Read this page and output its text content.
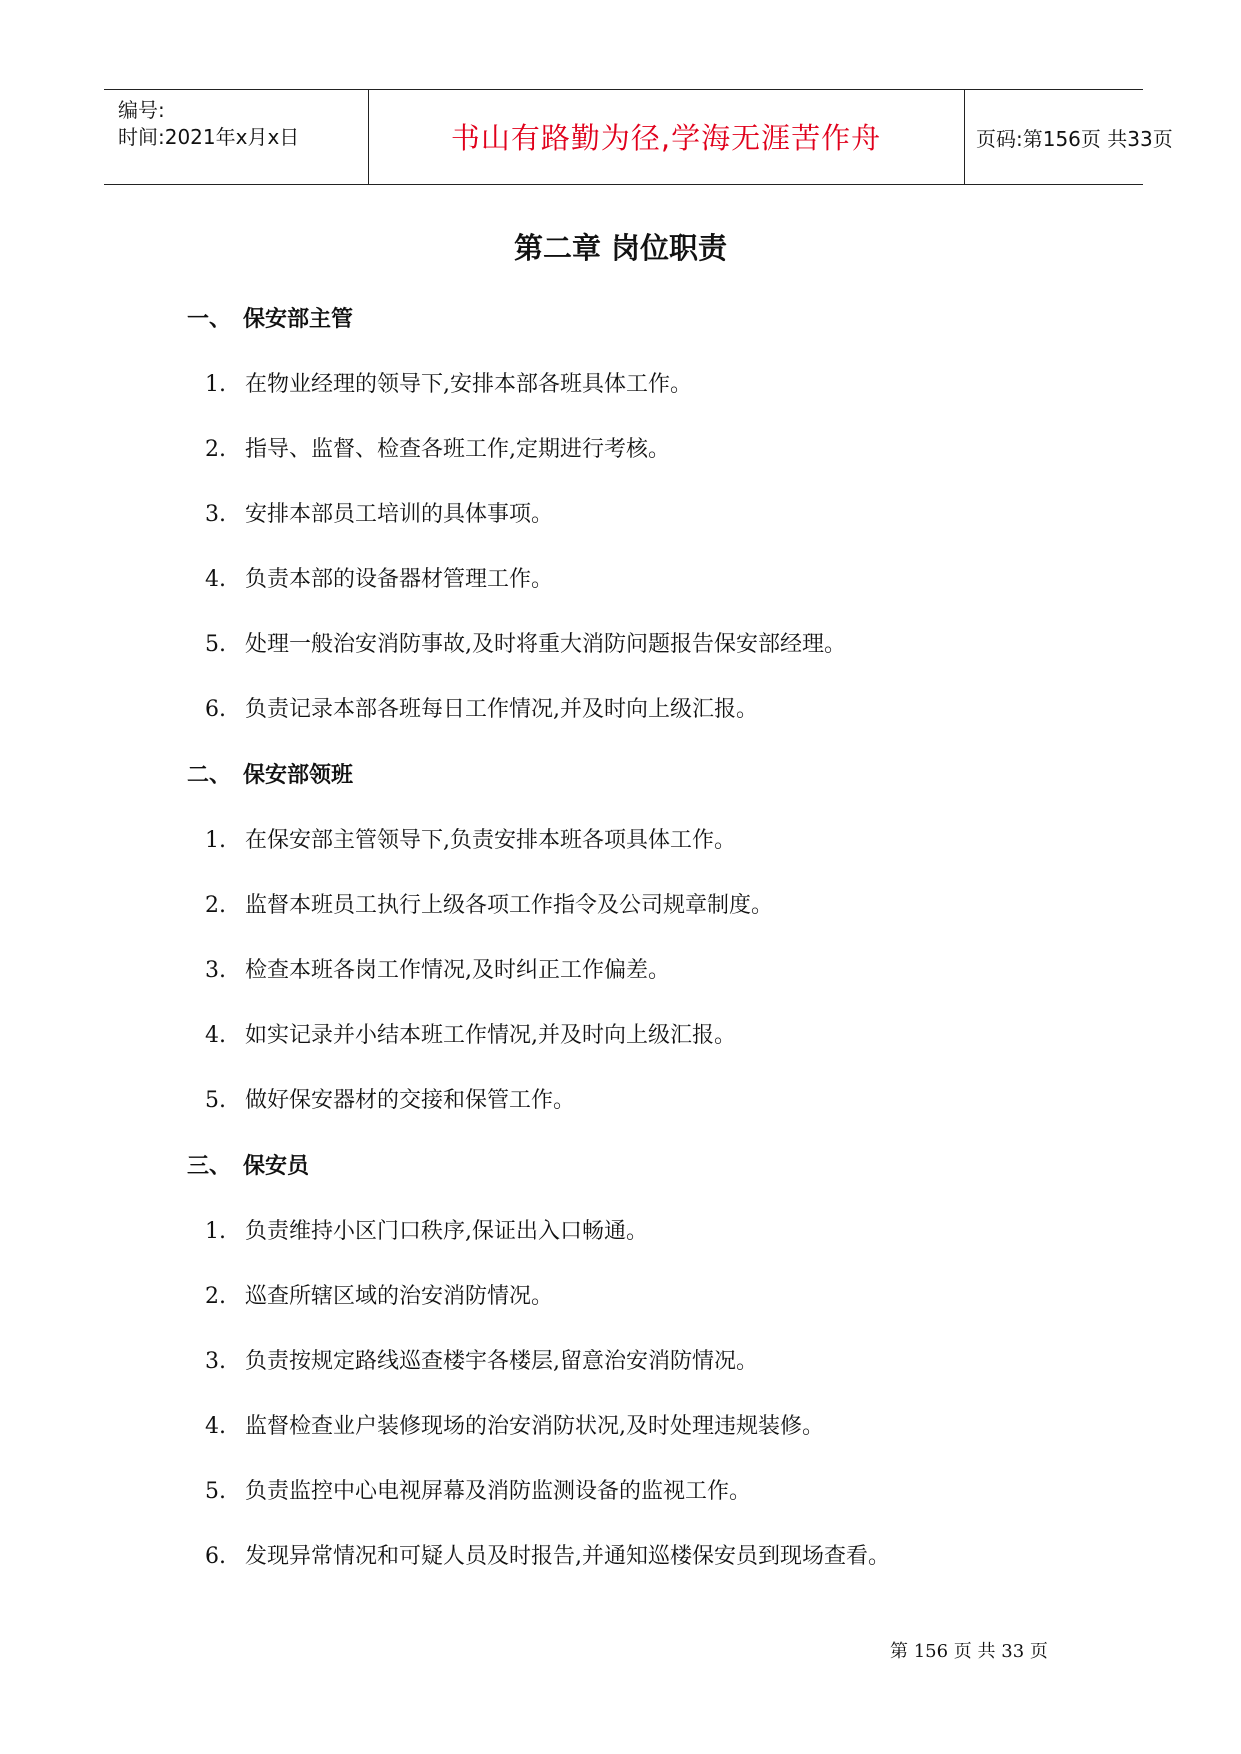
编号:
时间:2021年x月x日	书山有路勤为径,学海无涯苦作舟	页码:第156页 共33页
第二章 岗位职责
一、 保安部主管
1. 在物业经理的领导下,安排本部各班具体工作。
2. 指导、监督、检查各班工作,定期进行考核。
3. 安排本部员工培训的具体事项。
4. 负责本部的设备器材管理工作。
5. 处理一般治安消防事故,及时将重大消防问题报告保安部经理。
6. 负责记录本部各班每日工作情况,并及时向上级汇报。
二、 保安部领班
1. 在保安部主管领导下,负责安排本班各项具体工作。
2. 监督本班员工执行上级各项工作指令及公司规章制度。
3. 检查本班各岗工作情况,及时纠正工作偏差。
4. 如实记录并小结本班工作情况,并及时向上级汇报。
5. 做好保安器材的交接和保管工作。
三、 保安员
1. 负责维持小区门口秩序,保证出入口畅通。
2. 巡查所辖区域的治安消防情况。
3. 负责按规定路线巡查楼宇各楼层,留意治安消防情况。
4. 监督检查业户装修现场的治安消防状况,及时处理违规装修。
5. 负责监控中心电视屏幕及消防监测设备的监视工作。
6. 发现异常情况和可疑人员及时报告,并通知巡楼保安员到现场查看。
第 156 页 共 33 页
